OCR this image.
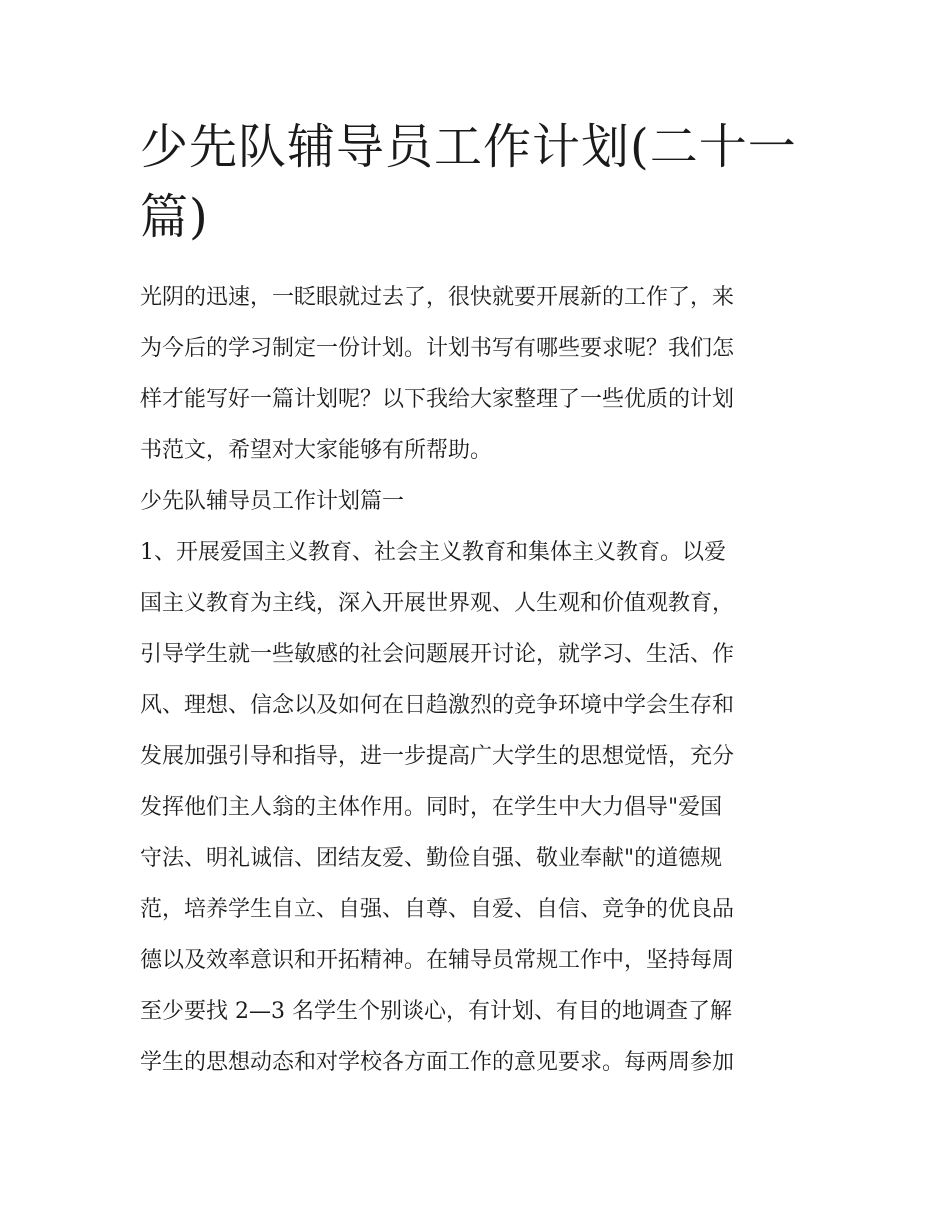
少先队辅导员工作计划(二十一
篇)

光阴的迅速，一眨眼就过去了，很快就要开展新的工作了，来

为今后的学习制定一份计划。计划书写有哪些要求呢？我们怎

样才能写好一篇计划呢？以下我给大家整理了一些优质的计划

书范文，希望对大家能够有所帮助。

少先队辅导员工作计划篇一

1、开展爱国主义教育、社会主义教育和集体主义教育。以爱

国主义教育为主线，深入开展世界观、人生观和价值观教育，

引导学生就一些敏感的社会问题展开讨论，就学习、生活、作

风、理想、信念以及如何在日趋激烈的竞争环境中学会生存和

发展加强引导和指导，进一步提高广大学生的思想觉悟，充分

发挥他们主人翁的主体作用。同时，在学生中大力倡导"爱国

守法、明礼诚信、团结友爱、勤俭自强、敬业奉献"的道德规

范，培养学生自立、自强、自尊、自爱、自信、竞争的优良品

德以及效率意识和开拓精神。在辅导员常规工作中，坚持每周

至少要找 2—3 名学生个别谈心，有计划、有目的地调查了解

学生的思想动态和对学校各方面工作的意见要求。每两周参加
